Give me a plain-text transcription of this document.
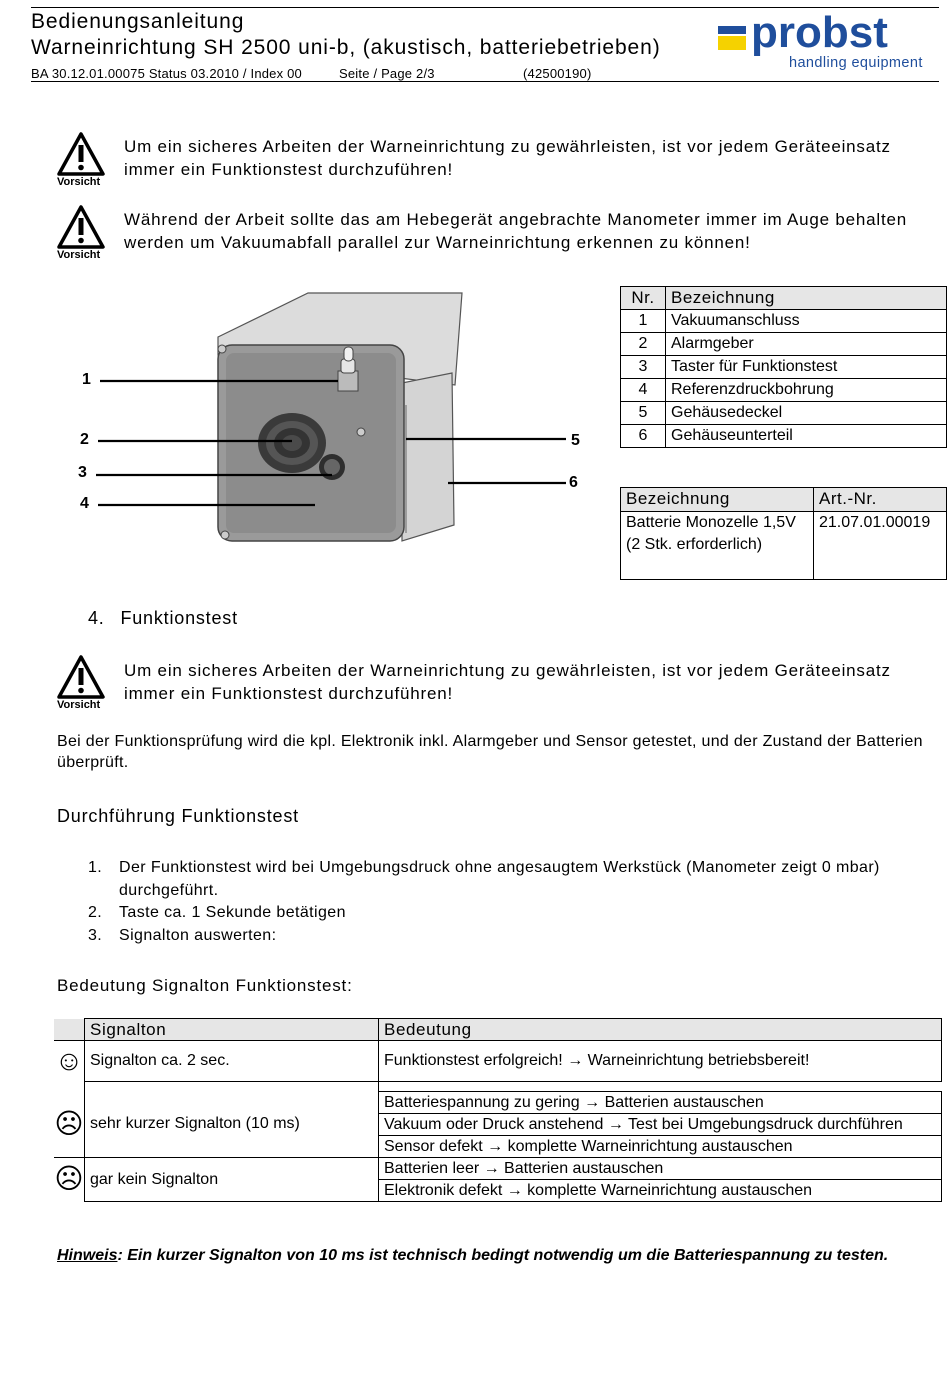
Bedienungsanleitung
Warneinrichtung SH 2500 uni-b, (akustisch, batteriebetrieben)
BA 30.12.01.00075 Status 03.2010 / Index 00	Seite / Page 2/3	(42500190)
probst
handling equipment
Vorsicht
Um ein sicheres Arbeiten der Warneinrichtung zu gewährleisten, ist vor jedem Geräteeinsatz immer ein Funktionstest durchzuführen!
Vorsicht
Während der Arbeit sollte das am Hebegerät angebrachte Manometer immer im Auge behalten werden um Vakuumabfall parallel zur Warneinrichtung erkennen zu können!
1
2
3
4
5
6
Nr.	Bezeichnung
1	Vakuumanschluss
2	Alarmgeber
3	Taster für Funktionstest
4	Referenzdruckbohrung
5	Gehäusedeckel
6	Gehäuseunterteil
Bezeichnung	Art.-Nr.
Batterie Monozelle 1,5V (2 Stk. erforderlich)	21.07.01.00019
4. Funktionstest
Vorsicht
Um ein sicheres Arbeiten der Warneinrichtung zu gewährleisten, ist vor jedem Geräteeinsatz immer ein Funktionstest durchzuführen!
Bei der Funktionsprüfung wird die kpl. Elektronik inkl. Alarmgeber und Sensor getestet, und der Zustand der Batterien überprüft.
Durchführung Funktionstest
1. Der Funktionstest wird bei Umgebungsdruck ohne angesaugtem Werkstück (Manometer zeigt 0 mbar) durchgeführt.
2. Taste ca. 1 Sekunde betätigen
3. Signalton auswerten:
Bedeutung Signalton Funktionstest:
	Signalton	Bedeutung
☺	Signalton ca. 2 sec.	Funktionstest erfolgreich! → Warneinrichtung betriebsbereit!

☹	sehr kurzer Signalton (10 ms)	Batteriespannung zu gering → Batterien austauschen
		Vakuum oder Druck anstehend → Test bei Umgebungsdruck durchführen
		Sensor defekt → komplette Warneinrichtung austauschen
☹	gar kein Signalton	Batterien leer → Batterien austauschen
		Elektronik defekt → komplette Warneinrichtung austauschen
Hinweis: Ein kurzer Signalton von 10 ms ist technisch bedingt notwendig um die Batteriespannung zu testen.
